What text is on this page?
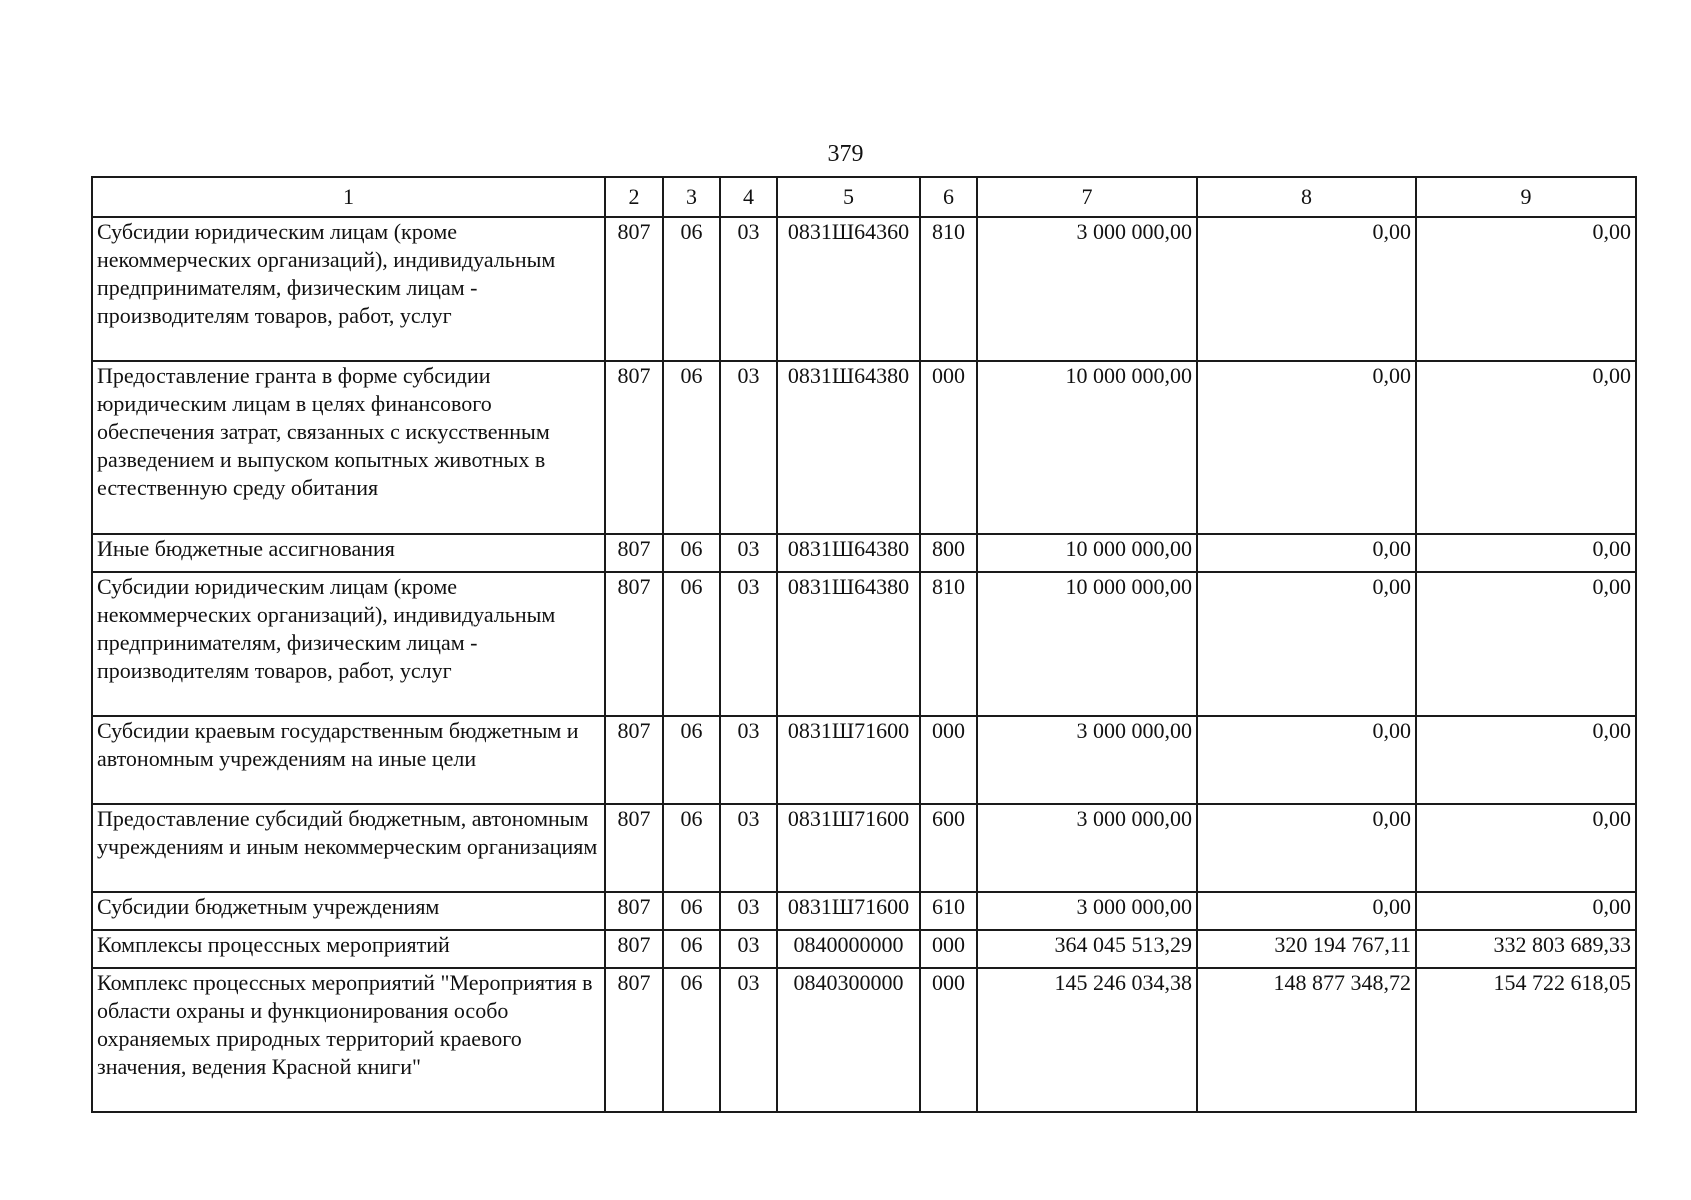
379
1	2	3	4	5	6	7	8	9
Субсидии юридическим лицам (кроме некоммерческих организаций), индивидуальным предпринимателям, физическим лицам - производителям товаров, работ, услуг	807	06	03	0831Ш64360	810	3 000 000,00	0,00	0,00
Предоставление гранта в форме субсидии юридическим лицам в целях финансового обеспечения затрат, связанных с искусственным разведением и выпуском копытных животных в естественную среду обитания	807	06	03	0831Ш64380	000	10 000 000,00	0,00	0,00
Иные бюджетные ассигнования	807	06	03	0831Ш64380	800	10 000 000,00	0,00	0,00
Субсидии юридическим лицам (кроме некоммерческих организаций), индивидуальным предпринимателям, физическим лицам - производителям товаров, работ, услуг	807	06	03	0831Ш64380	810	10 000 000,00	0,00	0,00
Субсидии краевым государственным бюджетным и автономным учреждениям на иные цели	807	06	03	0831Ш71600	000	3 000 000,00	0,00	0,00
Предоставление субсидий бюджетным, автономным учреждениям и иным некоммерческим организациям	807	06	03	0831Ш71600	600	3 000 000,00	0,00	0,00
Субсидии бюджетным учреждениям	807	06	03	0831Ш71600	610	3 000 000,00	0,00	0,00
Комплексы процессных мероприятий	807	06	03	0840000000	000	364 045 513,29	320 194 767,11	332 803 689,33
Комплекс процессных мероприятий "Мероприятия в области охраны и функционирования особо охраняемых природных территорий краевого значения, ведения Красной книги"	807	06	03	0840300000	000	145 246 034,38	148 877 348,72	154 722 618,05
